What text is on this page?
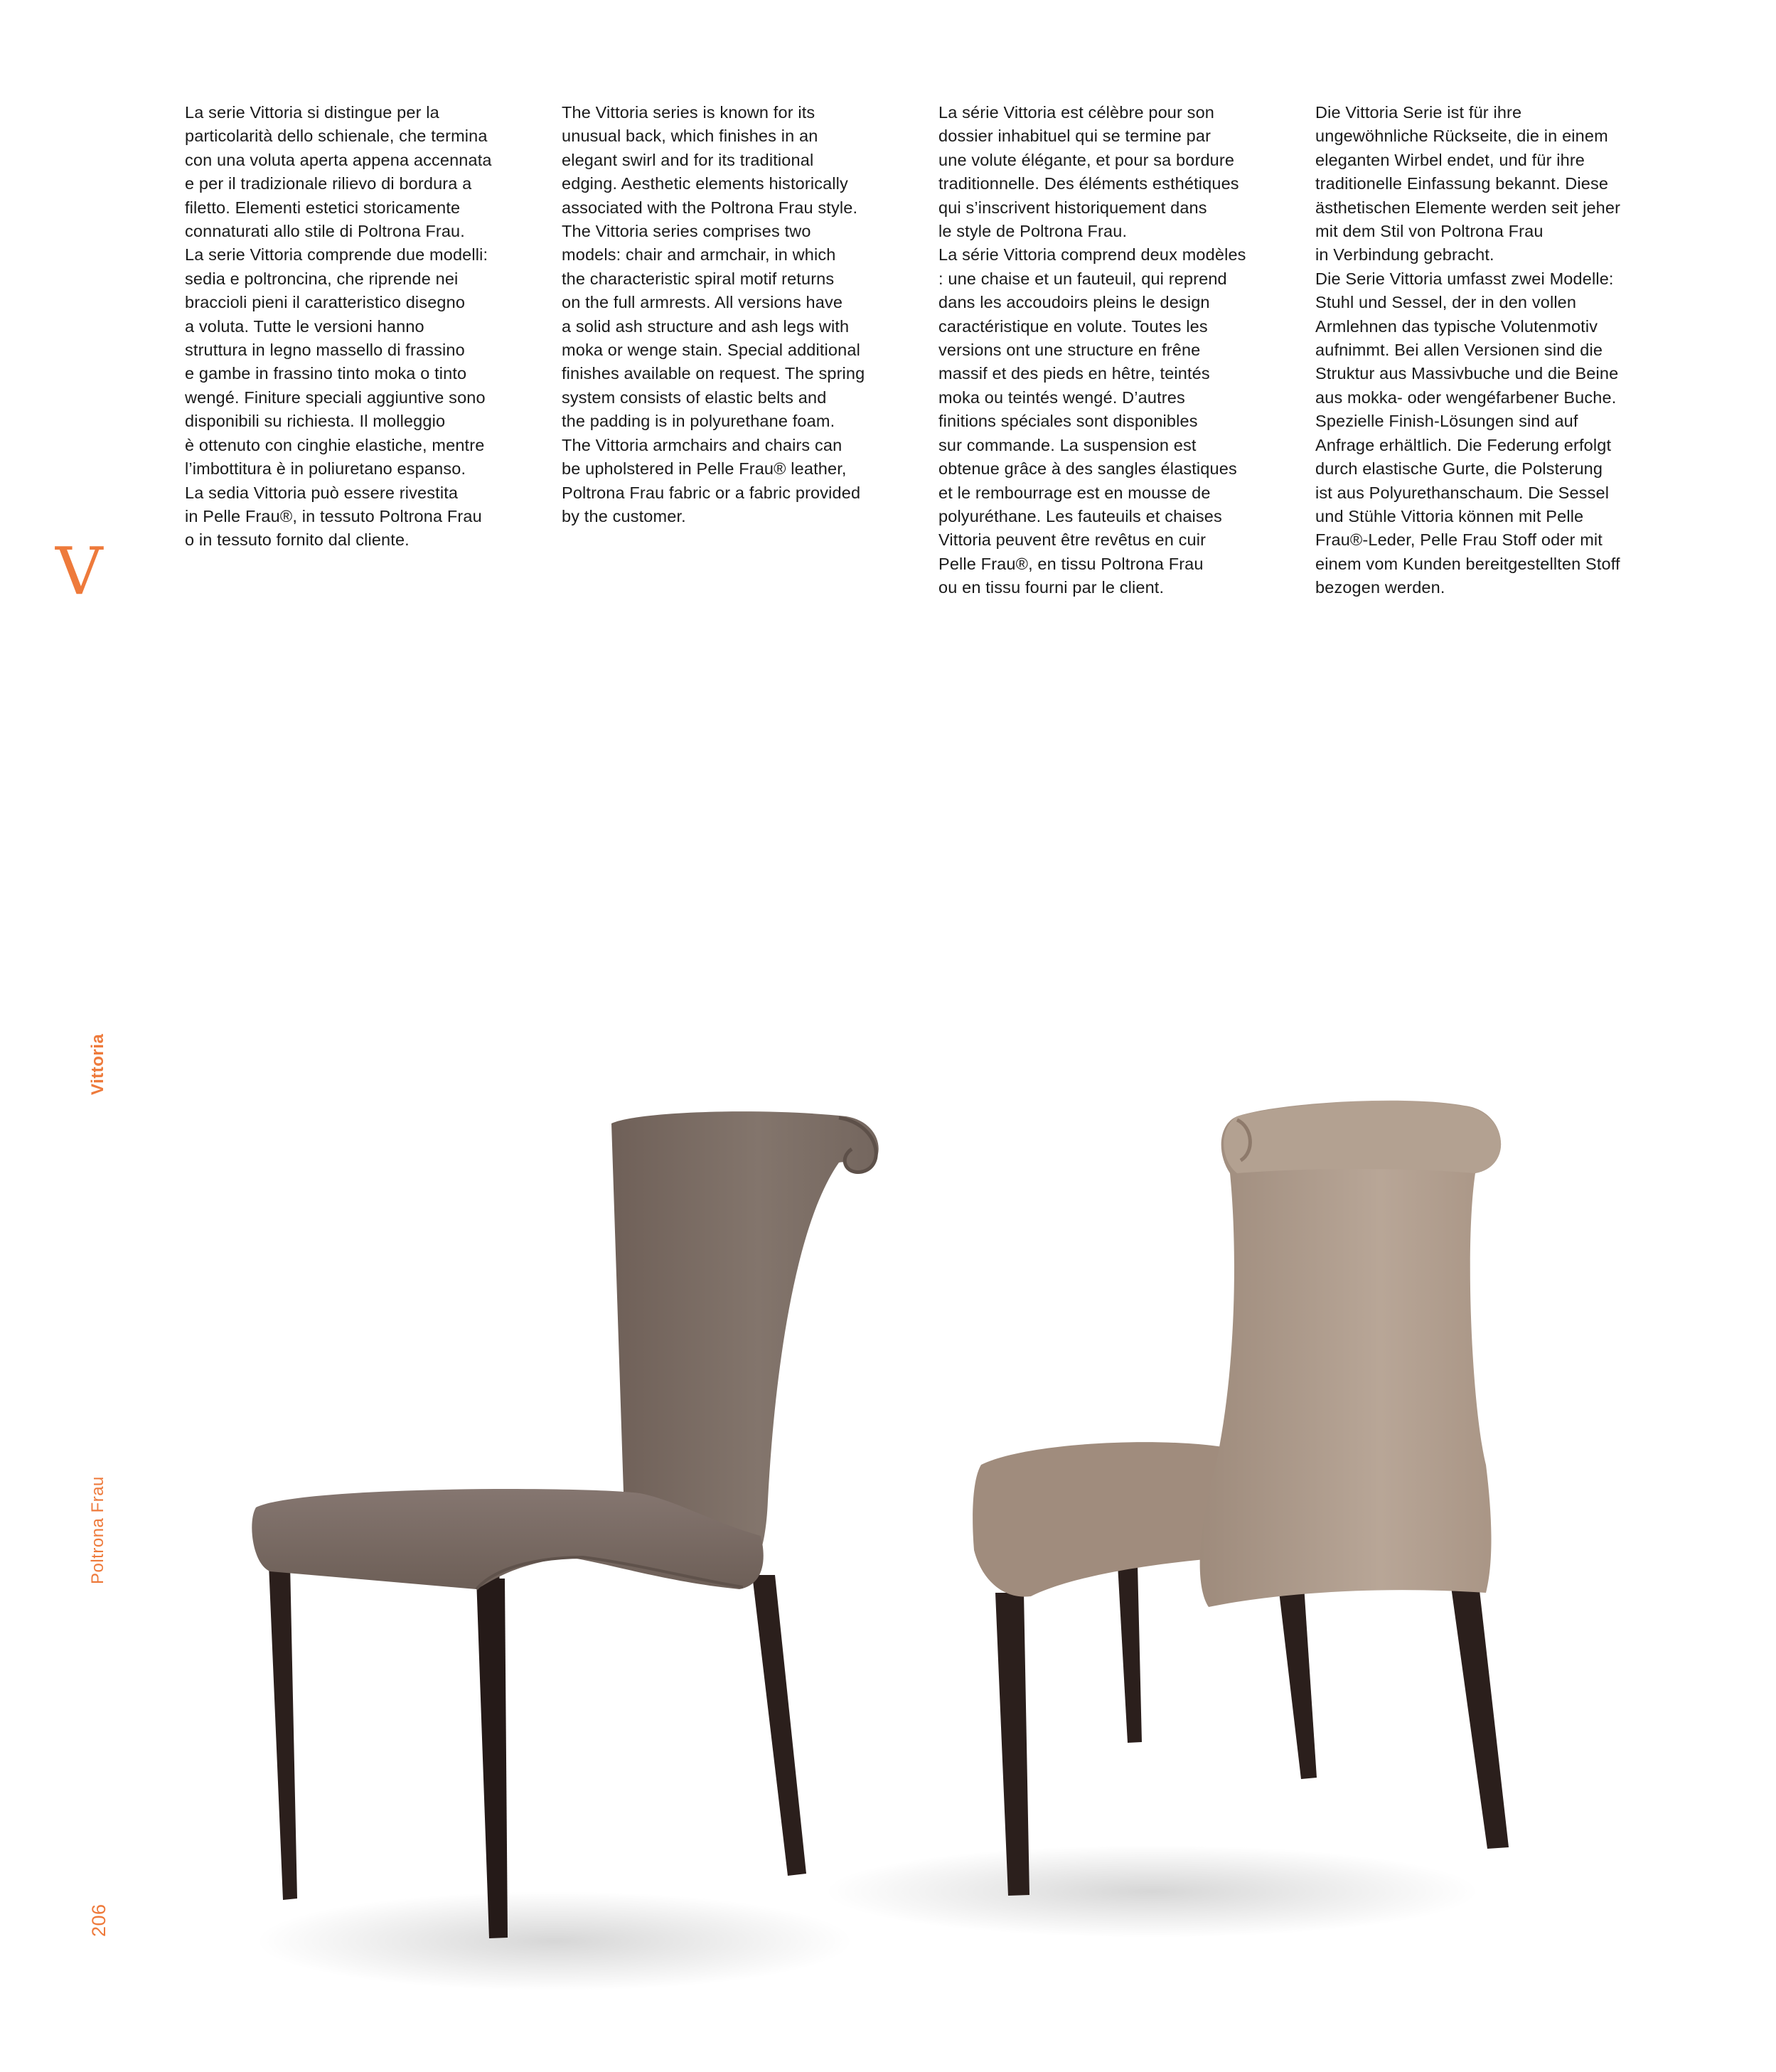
La serie Vittoria si distingue per la

particolarità dello schienale, che termina

con una voluta aperta appena accennata

e per il tradizionale rilievo di bordura a

filetto. Elementi estetici storicamente

connaturati allo stile di Poltrona Frau.

La serie Vittoria comprende due modelli:

sedia e poltroncina, che riprende nei

braccioli pieni il caratteristico disegno

a voluta. Tutte le versioni hanno

struttura in legno massello di frassino

e gambe in frassino tinto moka o tinto

wengé. Finiture speciali aggiuntive sono

disponibili su richiesta. Il molleggio

è ottenuto con cinghie elastiche, mentre

l’imbottitura è in poliuretano espanso.

La sedia Vittoria può essere rivestita

in Pelle Frau®, in tessuto Poltrona Frau

o in tessuto fornito dal cliente.

The Vittoria series is known for its

unusual back, which finishes in an

elegant swirl and for its traditional

edging. Aesthetic elements historically

associated with the Poltrona Frau style.

The Vittoria series comprises two

models: chair and armchair, in which

the characteristic spiral motif returns

on the full armrests. All versions have

a solid ash structure and ash legs with

moka or wenge stain. Special additional

finishes available on request. The spring

system consists of elastic belts and

the padding is in polyurethane foam.

The Vittoria armchairs and chairs can

be upholstered in Pelle Frau® leather,

Poltrona Frau fabric or a fabric provided

by the customer.

La série Vittoria est célèbre pour son

dossier inhabituel qui se termine par

une volute élégante, et pour sa bordure

traditionnelle. Des éléments esthétiques

qui s’inscrivent historiquement dans

le style de Poltrona Frau.

La série Vittoria comprend deux modèles

: une chaise et un fauteuil, qui reprend

dans les accoudoirs pleins le design

caractéristique en volute. Toutes les

versions ont une structure en frêne

massif et des pieds en hêtre, teintés

moka ou teintés wengé. D’autres

finitions spéciales sont disponibles

sur commande. La suspension est

obtenue grâce à des sangles élastiques

et le rembourrage est en mousse de

polyuréthane. Les fauteuils et chaises

Vittoria peuvent être revêtus en cuir

Pelle Frau®, en tissu Poltrona Frau

ou en tissu fourni par le client.

Die Vittoria Serie ist für ihre

ungewöhnliche Rückseite, die in einem

eleganten Wirbel endet, und für ihre

traditionelle Einfassung bekannt. Diese

ästhetischen Elemente werden seit jeher

mit dem Stil von Poltrona Frau

in Verbindung gebracht.

Die Serie Vittoria umfasst zwei Modelle:

Stuhl und Sessel, der in den vollen

Armlehnen das typische Volutenmotiv

aufnimmt. Bei allen Versionen sind die

Struktur aus Massivbuche und die Beine

aus mokka- oder wengéfarbener Buche.

Spezielle Finish-Lösungen sind auf

Anfrage erhältlich. Die Federung erfolgt

durch elastische Gurte, die Polsterung

ist aus Polyurethanschaum. Die Sessel

und Stühle Vittoria können mit Pelle

Frau®-Leder, Pelle Frau Stoff oder mit

einem vom Kunden bereitgestellten Stoff

bezogen werden.

V
Vittoria
Poltrona Frau
206
